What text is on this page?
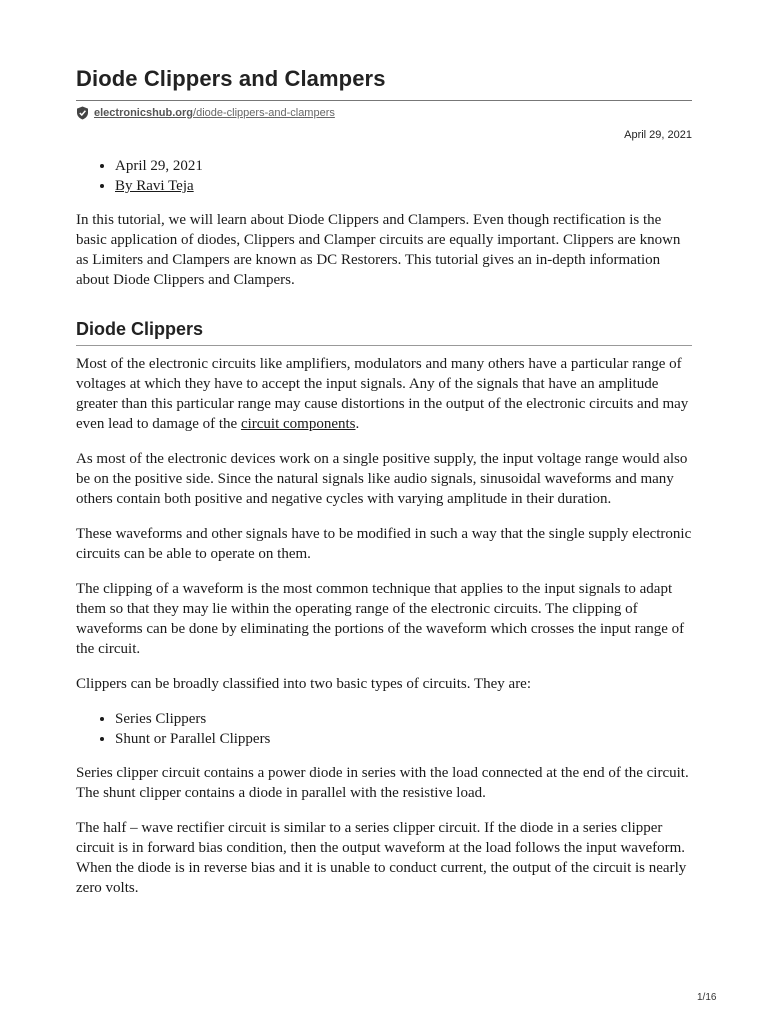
Diode Clippers and Clampers
electronicshub.org /diode-clippers-and-clampers
April 29, 2021
• April 29, 2021
• By Ravi Teja

In this tutorial, we will learn about Diode Clippers and Clampers. Even though rectification is the basic application of diodes, Clippers and Clamper circuits are equally important. Clippers are known as Limiters and Clampers are known as DC Restorers. This tutorial gives an in-depth information about Diode Clippers and Clampers.

Diode Clippers

Most of the electronic circuits like amplifiers, modulators and many others have a particular range of voltages at which they have to accept the input signals. Any of the signals that have an amplitude greater than this particular range may cause distortions in the output of the electronic circuits and may even lead to damage of the circuit components.

As most of the electronic devices work on a single positive supply, the input voltage range would also be on the positive side. Since the natural signals like audio signals, sinusoidal waveforms and many others contain both positive and negative cycles with varying amplitude in their duration.

These waveforms and other signals have to be modified in such a way that the single supply electronic circuits can be able to operate on them.

The clipping of a waveform is the most common technique that applies to the input signals to adapt them so that they may lie within the operating range of the electronic circuits. The clipping of waveforms can be done by eliminating the portions of the waveform which crosses the input range of the circuit.

Clippers can be broadly classified into two basic types of circuits. They are:

• Series Clippers
• Shunt or Parallel Clippers

Series clipper circuit contains a power diode in series with the load connected at the end of the circuit. The shunt clipper contains a diode in parallel with the resistive load.

The half – wave rectifier circuit is similar to a series clipper circuit. If the diode in a series clipper circuit is in forward bias condition, then the output waveform at the load follows the input waveform. When the diode is in reverse bias and it is unable to conduct current, the output of the circuit is nearly zero volts.

1/16
